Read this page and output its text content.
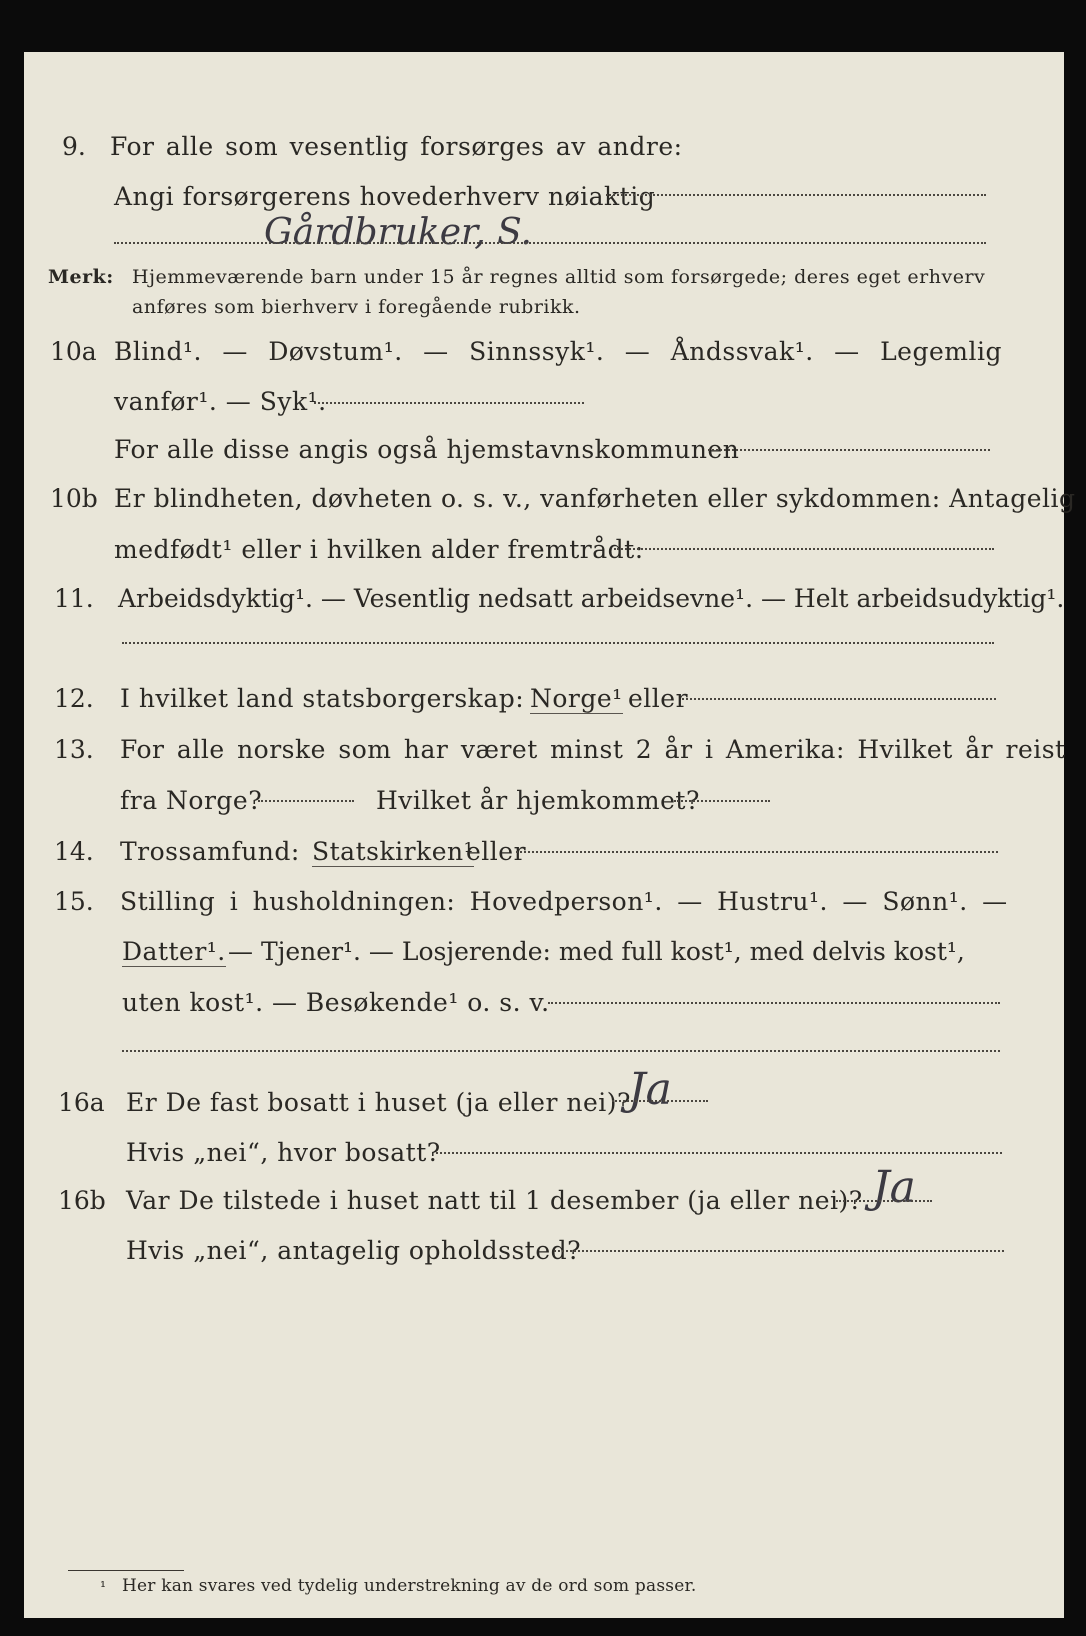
9. For alle som vesentlig forsørges av andre:
Angi forsørgerens hovederhverv nøiaktig
Gårdbruker, S.
Merk: Hjemmeværende barn under 15 år regnes alltid som forsørgede; deres eget erhverv
anføres som bierhverv i foregående rubrikk.
10a Blind¹. — Døvstum¹. — Sinnssyk¹. — Åndssvak¹. — Legemlig
vanfør¹. — Syk¹.
For alle disse angis også hjemstavnskommunen
10b Er blindheten, døvheten o. s. v., vanførheten eller sykdommen: Antagelig
medfødt¹ eller i hvilken alder fremtrådt:
11. Arbeidsdyktig¹. — Vesentlig nedsatt arbeidsevne¹. — Helt arbeidsudyktig¹.
12. I hvilket land statsborgerskap: Norge¹ eller
13. For alle norske som har været minst 2 år i Amerika: Hvilket år reist
fra Norge?	Hvilket år hjemkommet?
14. Trossamfund: Statskirken¹
eller
15. Stilling i husholdningen: Hovedperson¹. — Hustru¹. — Sønn¹. —
Datter¹. — Tjener¹. — Losjerende: med full kost¹, med delvis kost¹,
uten kost¹. — Besøkende¹ o. s. v.
16a Er De fast bosatt i huset (ja eller nei)?
Ja
Hvis „nei“, hvor bosatt?
16b Var De tilstede i huset natt til 1 desember (ja eller nei)? Ja
Hvis „nei“, antagelig opholdssted?
¹ Her kan svares ved tydelig understrekning av de ord som passer.
